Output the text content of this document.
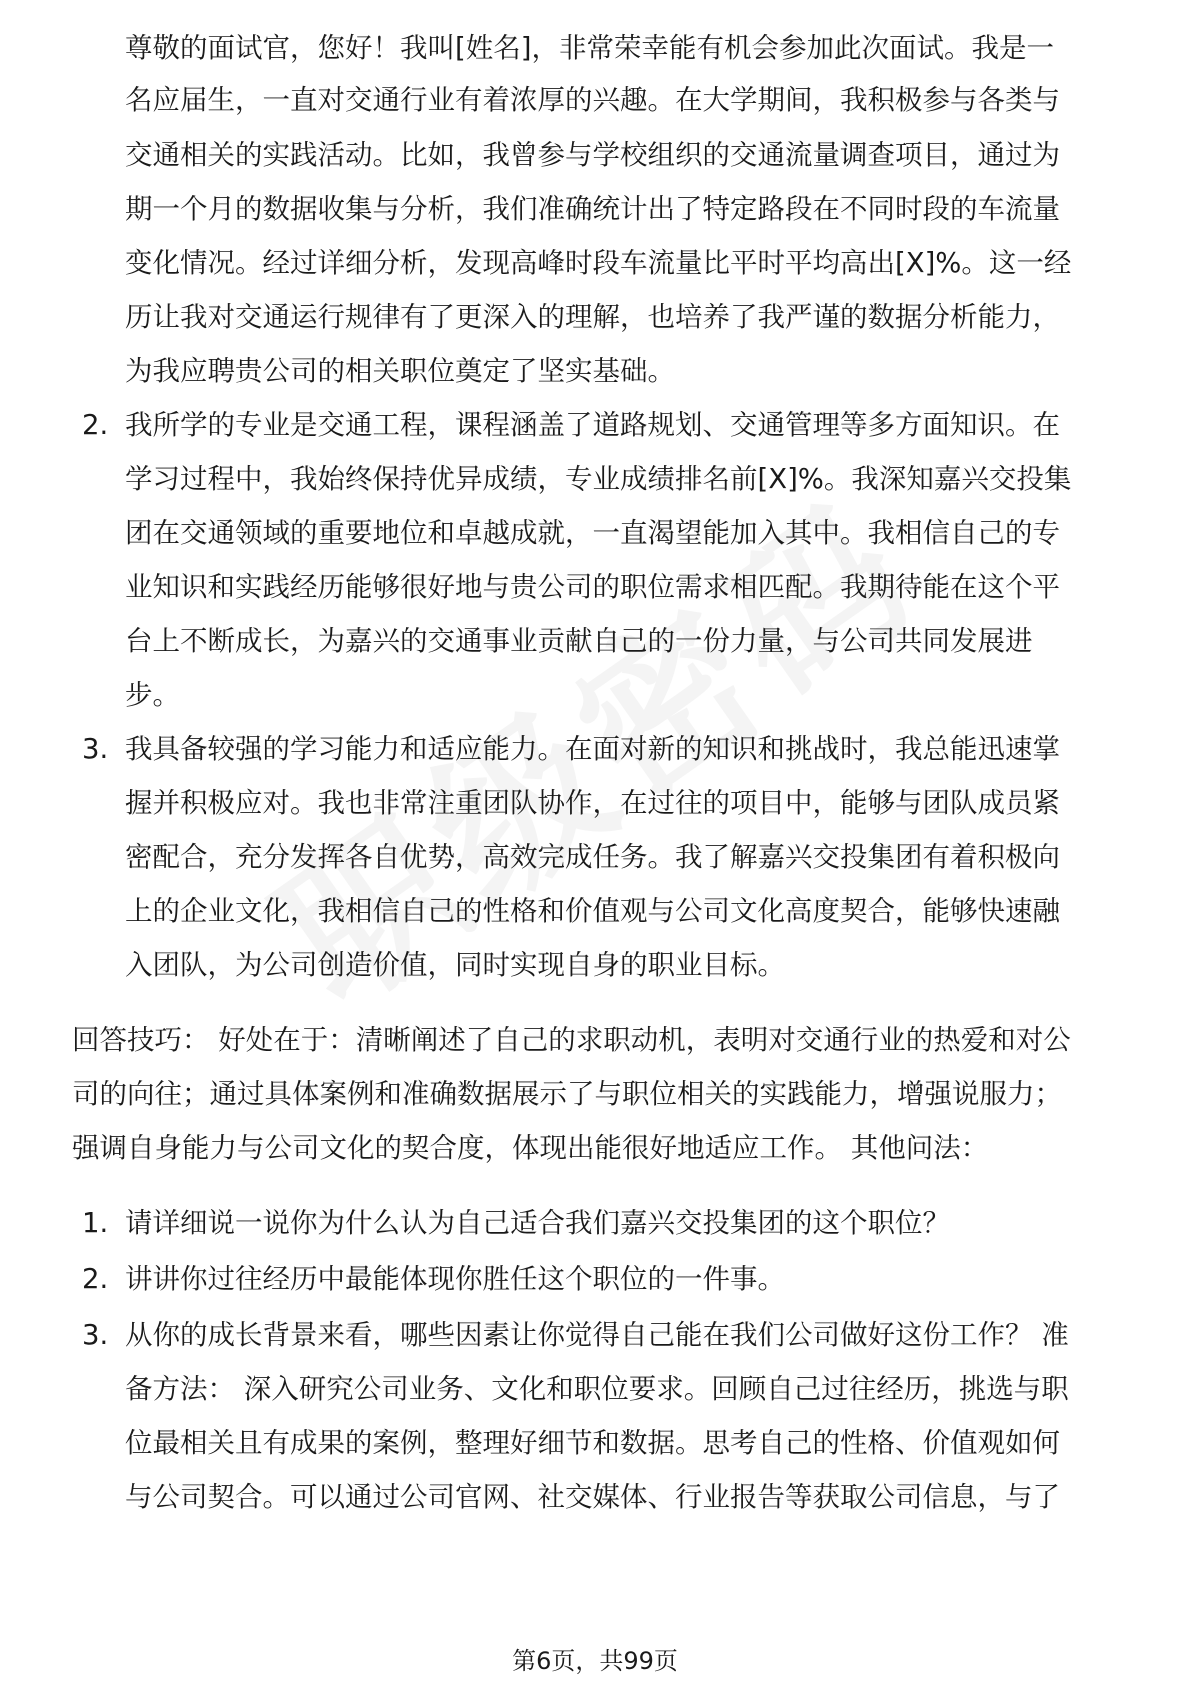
尊敬的面试官，您好！我叫[姓名]，非常荣幸能有机会参加此次面试。我是一
名应届生，一直对交通行业有着浓厚的兴趣。在大学期间，我积极参与各类与
交通相关的实践活动。比如，我曾参与学校组织的交通流量调查项目，通过为
期一个月的数据收集与分析，我们准确统计出了特定路段在不同时段的车流量
变化情况。经过详细分析，发现高峰时段车流量比平时平均高出[X]%。这一经
历让我对交通运行规律有了更深入的理解，也培养了我严谨的数据分析能力，
为我应聘贵公司的相关职位奠定了坚实基础。
2. 我所学的专业是交通工程，课程涵盖了道路规划、交通管理等多方面知识。在
学习过程中，我始终保持优异成绩，专业成绩排名前[X]%。我深知嘉兴交投集
团在交通领域的重要地位和卓越成就，一直渴望能加入其中。我相信自己的专
业知识和实践经历能够很好地与贵公司的职位需求相匹配。我期待能在这个平
台上不断成长，为嘉兴的交通事业贡献自己的一份力量，与公司共同发展进
步。
3. 我具备较强的学习能力和适应能力。在面对新的知识和挑战时，我总能迅速掌
握并积极应对。我也非常注重团队协作，在过往的项目中，能够与团队成员紧
密配合，充分发挥各自优势，高效完成任务。我了解嘉兴交投集团有着积极向
上的企业文化，我相信自己的性格和价值观与公司文化高度契合，能够快速融
入团队，为公司创造价值，同时实现自身的职业目标。
回答技巧： 好处在于：清晰阐述了自己的求职动机，表明对交通行业的热爱和对公
司的向往；通过具体案例和准确数据展示了与职位相关的实践能力，增强说服力；
强调自身能力与公司文化的契合度，体现出能很好地适应工作。 其他问法：
1. 请详细说一说你为什么认为自己适合我们嘉兴交投集团的这个职位？
2. 讲讲你过往经历中最能体现你胜任这个职位的一件事。
3. 从你的成长背景来看，哪些因素让你觉得自己能在我们公司做好这份工作？ 准
备方法： 深入研究公司业务、文化和职位要求。回顾自己过往经历，挑选与职
位最相关且有成果的案例，整理好细节和数据。思考自己的性格、价值观如何
与公司契合。可以通过公司官网、社交媒体、行业报告等获取公司信息，与了
第6页，共99页
